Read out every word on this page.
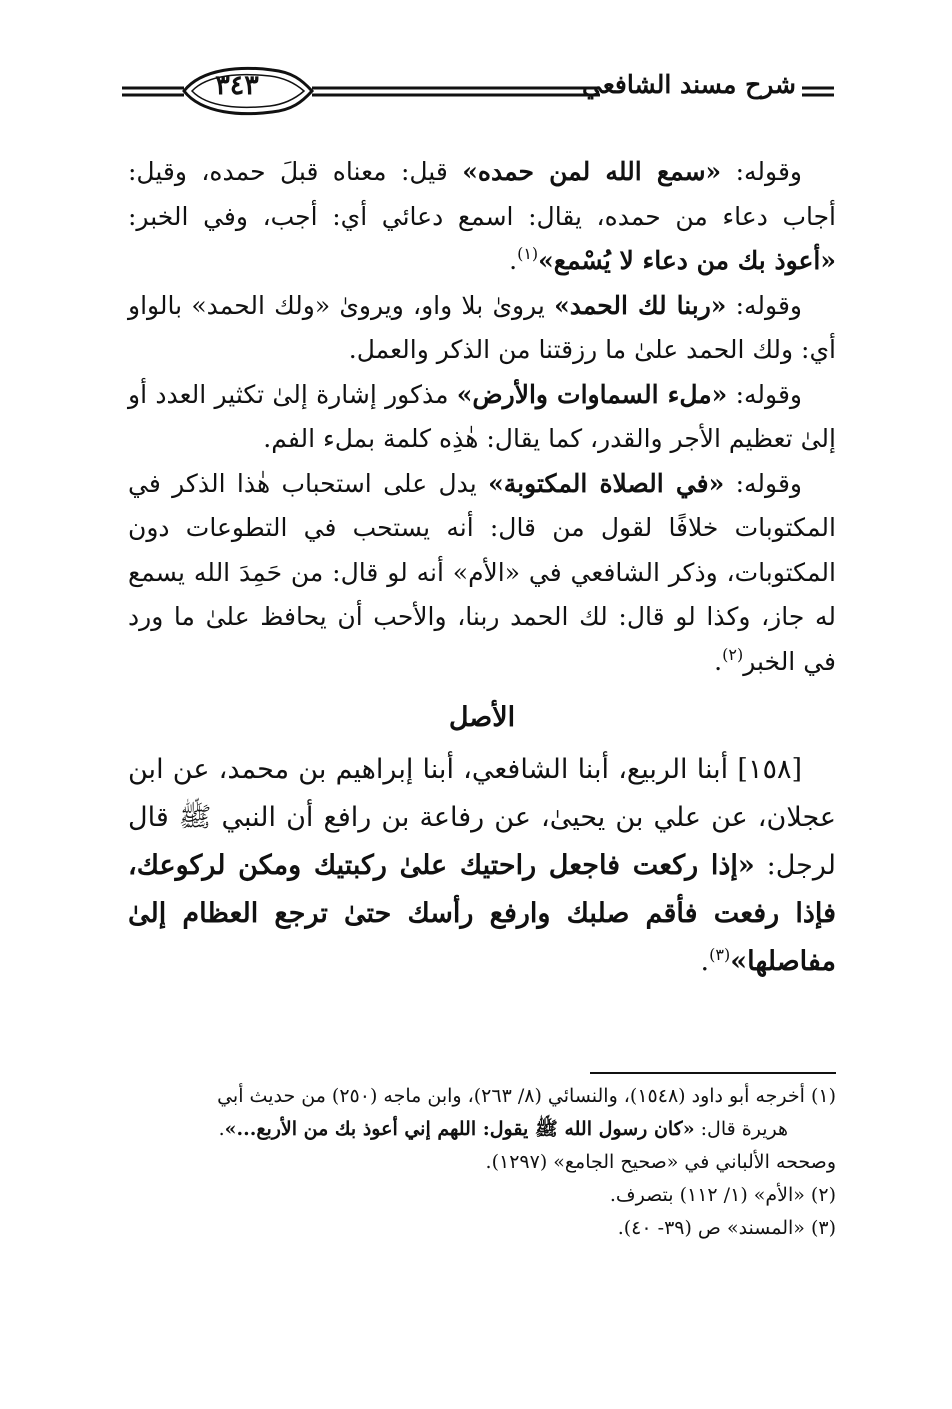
٣٤٣	شرح مسند الشافعي

وقوله: «سمع الله لمن حمده» قيل: معناه قبلَ حمده، وقيل: أجاب دعاء من حمده، يقال: اسمع دعائي أي: أجب، وفي الخبر: «أعوذ بك من دعاء لا يُسْمع»$^{(١)}$.

وقوله: «ربنا لك الحمد» يروىٰ بلا واو، ويروىٰ «ولك الحمد» بالواو أي: ولك الحمد علىٰ ما رزقتنا من الذكر والعمل.

وقوله: «ملء السماوات والأرض» مذكور إشارة إلىٰ تكثير العدد أو إلىٰ تعظيم الأجر والقدر، كما يقال: هٰذِه كلمة بملء الفم.

وقوله: «في الصلاة المكتوبة» يدل على استحباب هٰذا الذكر في المكتوبات خلافًا لقول من قال: أنه يستحب في التطوعات دون المكتوبات، وذكر الشافعي في «الأم» أنه لو قال: من حَمِدَ الله يسمع له جاز، وكذا لو قال: لك الحمد ربنا، والأحب أن يحافظ علىٰ ما ورد في الخبر$^{(٢)}$.

الأصل

[١٥٨] أبنا الربيع، أبنا الشافعي، أبنا إبراهيم بن محمد، عن ابن عجلان، عن علي بن يحيىٰ، عن رفاعة بن رافع أن النبي ﷺ قال لرجل: «إذا ركعت فاجعل راحتيك علىٰ ركبتيك ومكن لركوعك، فإذا رفعت فأقم صلبك وارفع رأسك حتىٰ ترجع العظام إلىٰ مفاصلها»$^{(٣)}$.

(١) أخرجه أبو داود (١٥٤٨)، والنسائي (٨/ ٢٦٣)، وابن ماجه (٢٥٠) من حديث أبي

هريرة قال: «كان رسول الله ﷺ يقول: اللهم إني أعوذ بك من الأربع...».

وصححه الألباني في «صحيح الجامع» (١٢٩٧).

(٢) «الأم» (١/ ١١٢) بتصرف.

(٣) «المسند» ص (٣٩- ٤٠).
